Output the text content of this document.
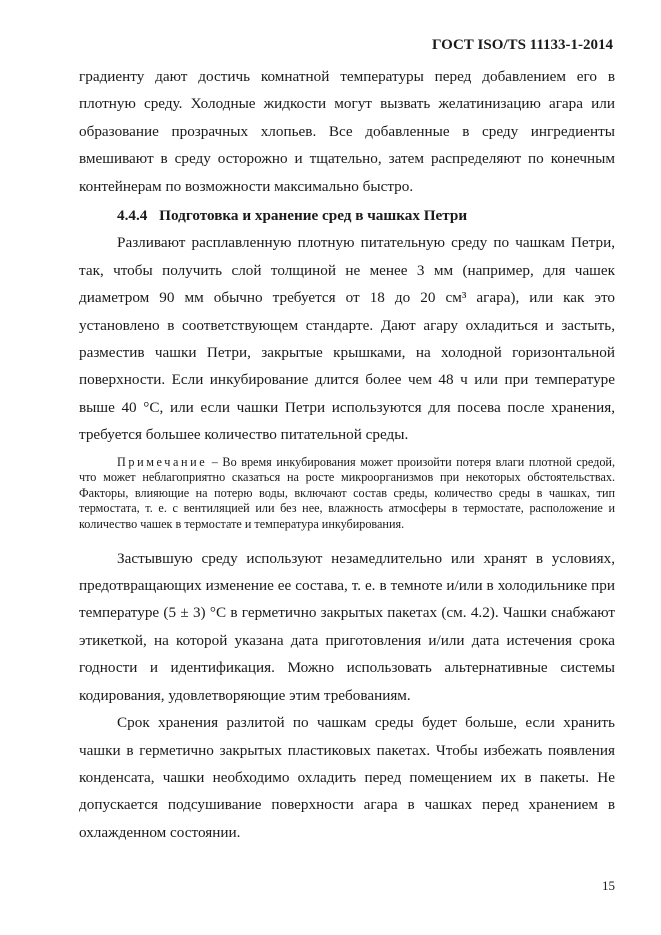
ГОСТ ISO/TS 11133-1-2014

градиенту дают достичь комнатной температуры перед добавлением его в плотную среду. Холодные жидкости могут вызвать желатинизацию агара или образование прозрачных хлопьев. Все добавленные в среду ингредиенты вмешивают в среду осторожно и тщательно, затем распределяют по конечным контейнерам по возможности максимально быстро.

4.4.4 Подготовка и хранение сред в чашках Петри

Разливают расплавленную плотную питательную среду по чашкам Петри, так, чтобы получить слой толщиной не менее 3 мм (например, для чашек диаметром 90 мм обычно требуется от 18 до 20 см³ агара), или как это установлено в соответствующем стандарте. Дают агару охладиться и застыть, разместив чашки Петри, закрытые крышками, на холодной горизонтальной поверхности. Если инкубирование длится более чем 48 ч или при температуре выше 40 °С, или если чашки Петри используются для посева после хранения, требуется большее количество питательной среды.

Примечание – Во время инкубирования может произойти потеря влаги плотной средой, что может неблагоприятно сказаться на росте микроорганизмов при некоторых обстоятельствах. Факторы, влияющие на потерю воды, включают состав среды, количество среды в чашках, тип термостата, т. е. с вентиляцией или без нее, влажность атмосферы в термостате, расположение и количество чашек в термостате и температура инкубирования.

Застывшую среду используют незамедлительно или хранят в условиях, предотвращающих изменение ее состава, т. е. в темноте и/или в холодильнике при температуре (5 ± 3) °С в герметично закрытых пакетах (см. 4.2). Чашки снабжают этикеткой, на которой указана дата приготовления и/или дата истечения срока годности и идентификация. Можно использовать альтернативные системы кодирования, удовлетворяющие этим требованиям.

Срок хранения разлитой по чашкам среды будет больше, если хранить чашки в герметично закрытых пластиковых пакетах. Чтобы избежать появления конденсата, чашки необходимо охладить перед помещением их в пакеты. Не допускается подсушивание поверхности агара в чашках перед хранением в охлажденном состоянии.

15
